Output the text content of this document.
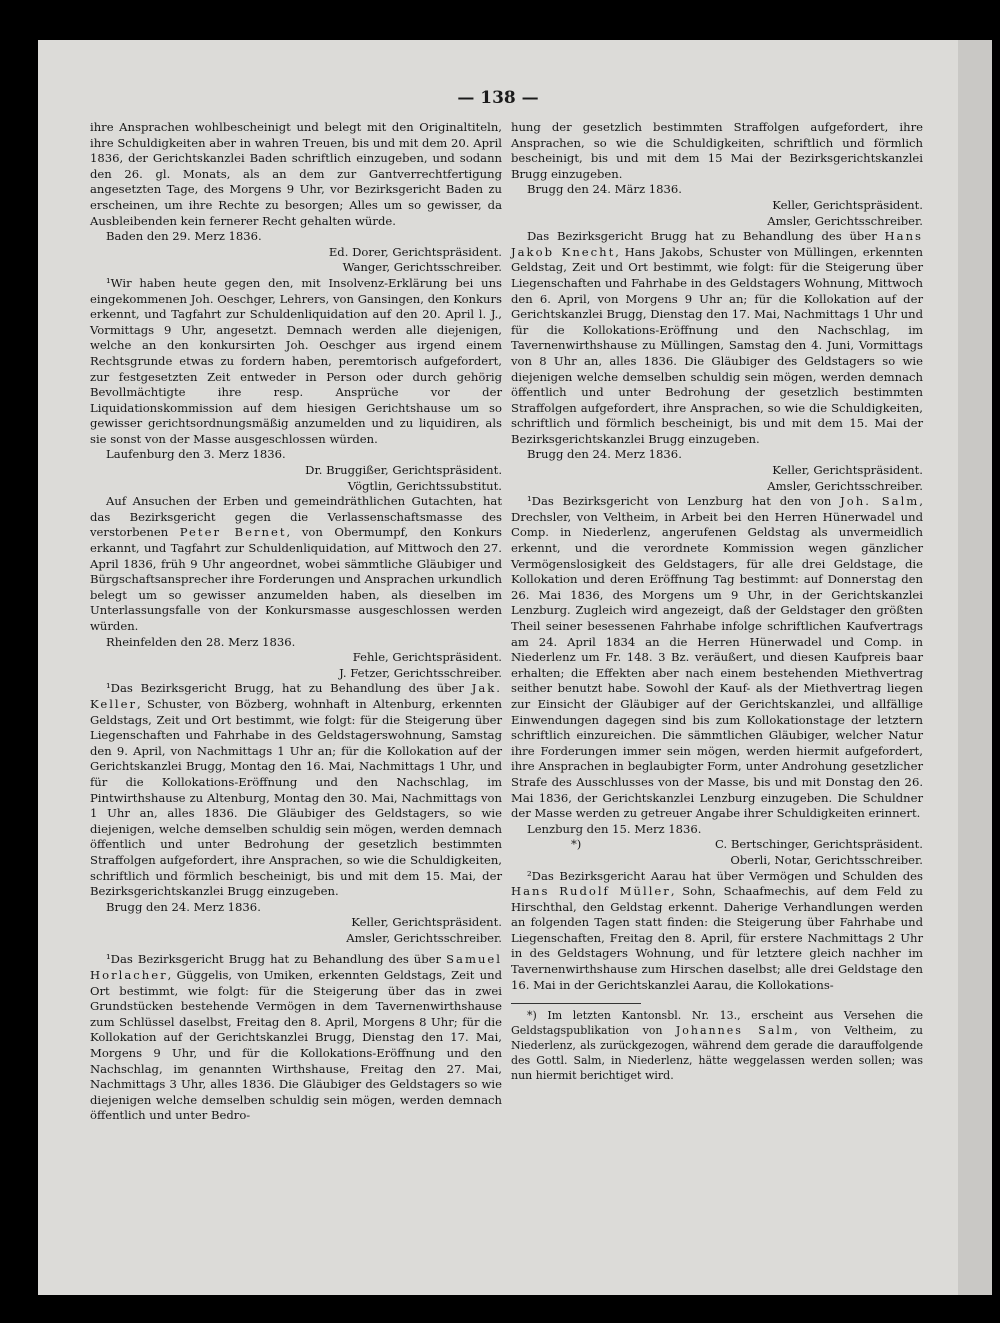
— 138 —

ihre Ansprachen wohlbescheinigt und belegt mit den Originaltiteln, ihre Schuldigkeiten aber in wahren Treuen, bis und mit dem 20. April 1836, der Gerichtskanzlei Baden schriftlich einzugeben, und sodann den 26. gl. Monats, als an dem zur Gantverrechtfertigung angesetzten Tage, des Morgens 9 Uhr, vor Bezirksgericht Baden zu erscheinen, um ihre Rechte zu besorgen; Alles um so gewisser, da Ausbleibenden kein fernerer Recht gehalten würde.

Baden den 29. Merz 1836.

Ed. Dorer, Gerichtspräsident.

Wanger, Gerichtsschreiber.

¹Wir haben heute gegen den, mit Insolvenz-Erklärung bei uns eingekommenen Joh. Oeschger, Lehrers, von Gansingen, den Konkurs erkennt, und Tagfahrt zur Schuldenliquidation auf den 20. April l. J., Vormittags 9 Uhr, angesetzt. Demnach werden alle diejenigen, welche an den konkursirten Joh. Oeschger aus irgend einem Rechtsgrunde etwas zu fordern haben, peremtorisch aufgefordert, zur festgesetzten Zeit entweder in Person oder durch gehörig Bevollmächtigte ihre resp. Ansprüche vor der Liquidationskommission auf dem hiesigen Gerichtshause um so gewisser gerichtsordnungsmäßig anzumelden und zu liquidiren, als sie sonst von der Masse ausgeschlossen würden.

Laufenburg den 3. Merz 1836.

Dr. Bruggißer, Gerichtspräsident.

Vögtlin, Gerichtssubstitut.

Auf Ansuchen der Erben und gemeindräthlichen Gutachten, hat das Bezirksgericht gegen die Verlassenschaftsmasse des verstorbenen Peter Bernet, von Obermumpf, den Konkurs erkannt, und Tagfahrt zur Schuldenliquidation, auf Mittwoch den 27. April 1836, früh 9 Uhr angeordnet, wobei sämmtliche Gläubiger und Bürgschaftsansprecher ihre Forderungen und Ansprachen urkundlich belegt um so gewisser anzumelden haben, als dieselben im Unterlassungsfalle von der Konkursmasse ausgeschlossen werden würden.

Rheinfelden den 28. Merz 1836.

Fehle, Gerichtspräsident.

J. Fetzer, Gerichtsschreiber.

¹Das Bezirksgericht Brugg, hat zu Behandlung des über Jak. Keller, Schuster, von Bözberg, wohnhaft in Altenburg, erkennten Geldstags, Zeit und Ort bestimmt, wie folgt: für die Steigerung über Liegenschaften und Fahrhabe in des Geldstagerswohnung, Samstag den 9. April, von Nachmittags 1 Uhr an; für die Kollokation auf der Gerichtskanzlei Brugg, Montag den 16. Mai, Nachmittags 1 Uhr, und für die Kollokations-Eröffnung und den Nachschlag, im Pintwirthshause zu Altenburg, Montag den 30. Mai, Nachmittags von 1 Uhr an, alles 1836. Die Gläubiger des Geldstagers, so wie diejenigen, welche demselben schuldig sein mögen, werden demnach öffentlich und unter Bedrohung der gesetzlich bestimmten Straffolgen aufgefordert, ihre Ansprachen, so wie die Schuldigkeiten, schriftlich und förmlich bescheinigt, bis und mit dem 15. Mai, der Bezirksgerichtskanzlei Brugg einzugeben.

Brugg den 24. Merz 1836.

Keller, Gerichtspräsident.

Amsler, Gerichtsschreiber.

¹Das Bezirksgericht Brugg hat zu Behandlung des über Samuel Horlacher, Güggelis, von Umiken, erkennten Geldstags, Zeit und Ort bestimmt, wie folgt: für die Steigerung über das in zwei Grundstücken bestehende Vermögen in dem Tavernenwirthshause zum Schlüssel daselbst, Freitag den 8. April, Morgens 8 Uhr; für die Kollokation auf der Gerichtskanzlei Brugg, Dienstag den 17. Mai, Morgens 9 Uhr, und für die Kollokations-Eröffnung und den Nachschlag, im genannten Wirthshause, Freitag den 27. Mai, Nachmittags 3 Uhr, alles 1836. Die Gläubiger des Geldstagers so wie diejenigen welche demselben schuldig sein mögen, werden demnach öffentlich und unter Bedro-

hung der gesetzlich bestimmten Straffolgen aufgefordert, ihre Ansprachen, so wie die Schuldigkeiten, schriftlich und förmlich bescheinigt, bis und mit dem 15 Mai der Bezirksgerichtskanzlei Brugg einzugeben.

Brugg den 24. März 1836.

Keller, Gerichtspräsident.

Amsler, Gerichtsschreiber.

Das Bezirksgericht Brugg hat zu Behandlung des über Hans Jakob Knecht, Hans Jakobs, Schuster von Müllingen, erkennten Geldstag, Zeit und Ort bestimmt, wie folgt: für die Steigerung über Liegenschaften und Fahrhabe in des Geldstagers Wohnung, Mittwoch den 6. April, von Morgens 9 Uhr an; für die Kollokation auf der Gerichtskanzlei Brugg, Dienstag den 17. Mai, Nachmittags 1 Uhr und für die Kollokations-Eröffnung und den Nachschlag, im Tavernenwirthshause zu Müllingen, Samstag den 4. Juni, Vormittags von 8 Uhr an, alles 1836. Die Gläubiger des Geldstagers so wie diejenigen welche demselben schuldig sein mögen, werden demnach öffentlich und unter Bedrohung der gesetzlich bestimmten Straffolgen aufgefordert, ihre Ansprachen, so wie die Schuldigkeiten, schriftlich und förmlich bescheinigt, bis und mit dem 15. Mai der Bezirksgerichtskanzlei Brugg einzugeben.

Brugg den 24. Merz 1836.

Keller, Gerichtspräsident.

Amsler, Gerichtsschreiber.

¹Das Bezirksgericht von Lenzburg hat den von Joh. Salm, Drechsler, von Veltheim, in Arbeit bei den Herren Hünerwadel und Comp. in Niederlenz, angerufenen Geldstag als unvermeidlich erkennt, und die verordnete Kommission wegen gänzlicher Vermögenslosigkeit des Geldstagers, für alle drei Geldstage, die Kollokation und deren Eröffnung Tag bestimmt: auf Donnerstag den 26. Mai 1836, des Morgens um 9 Uhr, in der Gerichtskanzlei Lenzburg. Zugleich wird angezeigt, daß der Geldstager den größten Theil seiner besessenen Fahrhabe infolge schriftlichen Kaufvertrags am 24. April 1834 an die Herren Hünerwadel und Comp. in Niederlenz um Fr. 148. 3 Bz. veräußert, und diesen Kaufpreis baar erhalten; die Effekten aber nach einem bestehenden Miethvertrag seither benutzt habe. Sowohl der Kauf- als der Miethvertrag liegen zur Einsicht der Gläubiger auf der Gerichtskanzlei, und allfällige Einwendungen dagegen sind bis zum Kollokationstage der letztern schriftlich einzureichen. Die sämmtlichen Gläubiger, welcher Natur ihre Forderungen immer sein mögen, werden hiermit aufgefordert, ihre Ansprachen in beglaubigter Form, unter Androhung gesetzlicher Strafe des Ausschlusses von der Masse, bis und mit Donstag den 26. Mai 1836, der Gerichtskanzlei Lenzburg einzugeben. Die Schuldner der Masse werden zu getreuer Angabe ihrer Schuldigkeiten erinnert.

Lenzburg den 15. Merz 1836.

*)	C. Bertschinger, Gerichtspräsident.

Oberli, Notar, Gerichtsschreiber.

²Das Bezirksgericht Aarau hat über Vermögen und Schulden des Hans Rudolf Müller, Sohn, Schaafmechis, auf dem Feld zu Hirschthal, den Geldstag erkennt. Daherige Verhandlungen werden an folgenden Tagen statt finden: die Steigerung über Fahrhabe und Liegenschaften, Freitag den 8. April, für erstere Nachmittags 2 Uhr in des Geldstagers Wohnung, und für letztere gleich nachher im Tavernenwirthshause zum Hirschen daselbst; alle drei Geldstage den 16. Mai in der Gerichtskanzlei Aarau, die Kollokations-

*) Im letzten Kantonsbl. Nr. 13., erscheint aus Versehen die Geldstagspublikation von Johannes Salm, von Veltheim, zu Niederlenz, als zurückgezogen, während dem gerade die darauffolgende des Gottl. Salm, in Niederlenz, hätte weggelassen werden sollen; was nun hiermit berichtiget wird.
